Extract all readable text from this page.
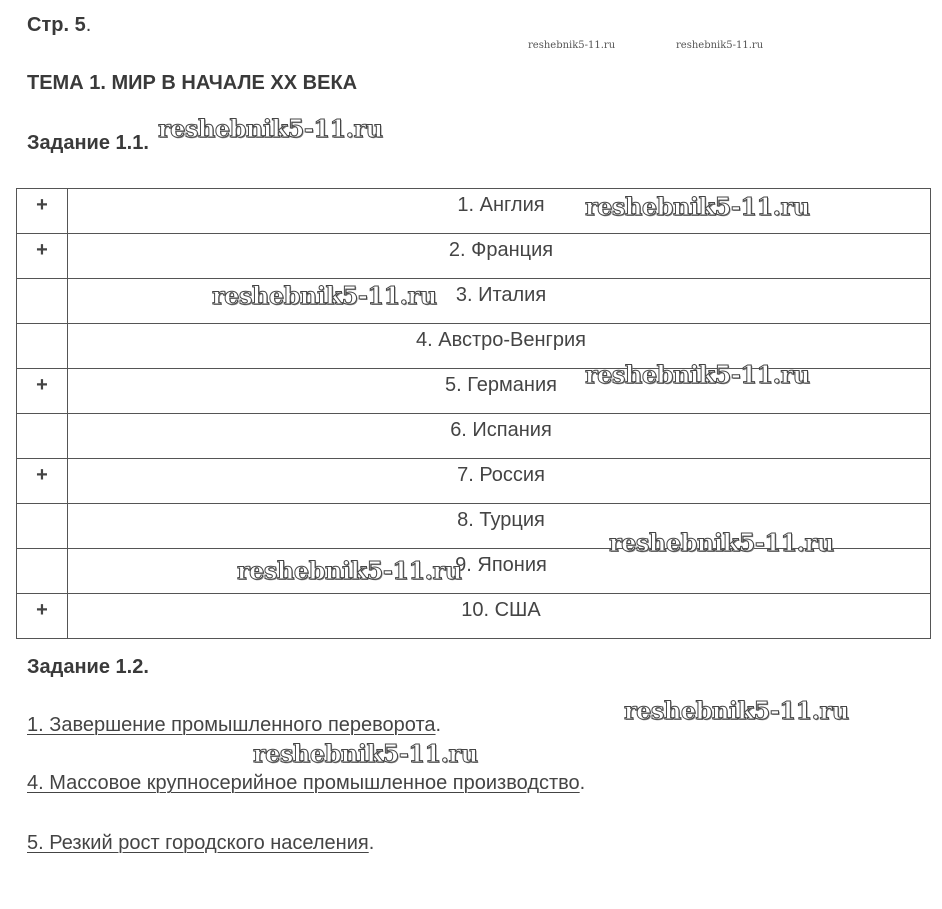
Стр. 5.
reshebnik5-11.ru	reshebnik5-11.ru
ТЕМА 1. МИР В НАЧАЛЕ XX ВЕКА
Задание 1.1.
+	1. Англия
+	2. Франция
	3. Италия
	4. Австро-Венгрия
+	5. Германия
	6. Испания
+	7. Россия
	8. Турция
	9. Япония
+	10. США
Задание 1.2.
1. Завершение промышленного переворота.
4. Массовое крупносерийное промышленное производство.
5. Резкий рост городского населения.
reshebnik5-11.ru
reshebnik5-11.ru
reshebnik5-11.ru
reshebnik5-11.ru
reshebnik5-11.ru
reshebnik5-11.ru
reshebnik5-11.ru
reshebnik5-11.ru
